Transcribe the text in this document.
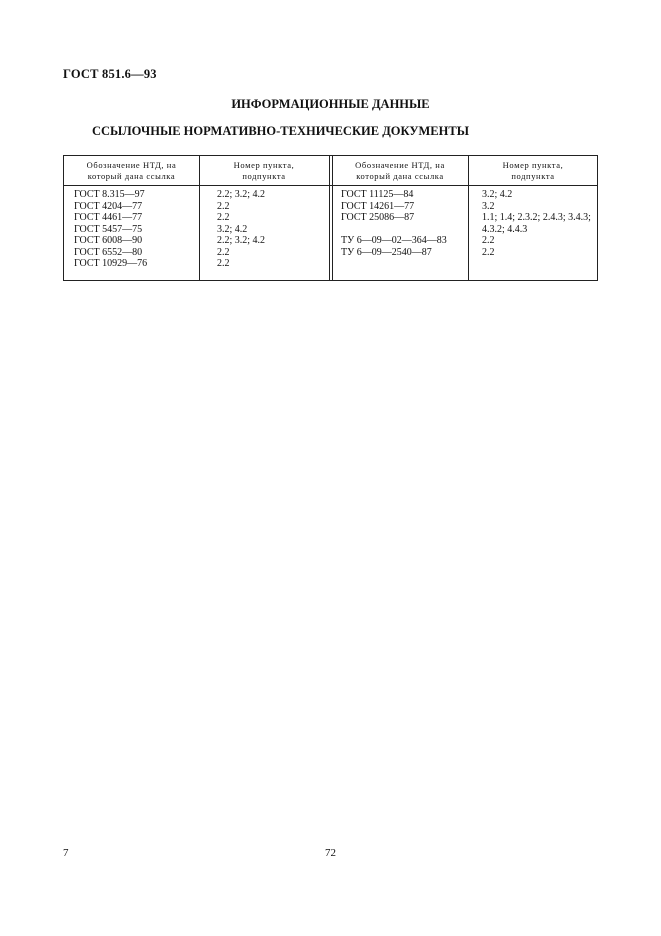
ГОСТ 851.6—93
ИНФОРМАЦИОННЫЕ ДАННЫЕ
ССЫЛОЧНЫЕ НОРМАТИВНО-ТЕХНИЧЕСКИЕ ДОКУМЕНТЫ
Обозначение НТД, на
который дана ссылка
Номер пункта,
подпункта
Обозначение НТД, на
который дана ссылка
Номер пункта,
подпункта
ГОСТ 8.315—97
ГОСТ 4204—77
ГОСТ 4461—77
ГОСТ 5457—75
ГОСТ 6008—90
ГОСТ 6552—80
ГОСТ 10929—76
2.2; 3.2; 4.2
2.2
2.2
3.2; 4.2
2.2; 3.2; 4.2
2.2
2.2
ГОСТ 11125—84
ГОСТ 14261—77
ГОСТ 25086—87
ТУ 6—09—02—364—83
ТУ 6—09—2540—87
3.2; 4.2
3.2
1.1; 1.4; 2.3.2; 2.4.3; 3.4.3;
4.3.2; 4.4.3
2.2
2.2
7	72
